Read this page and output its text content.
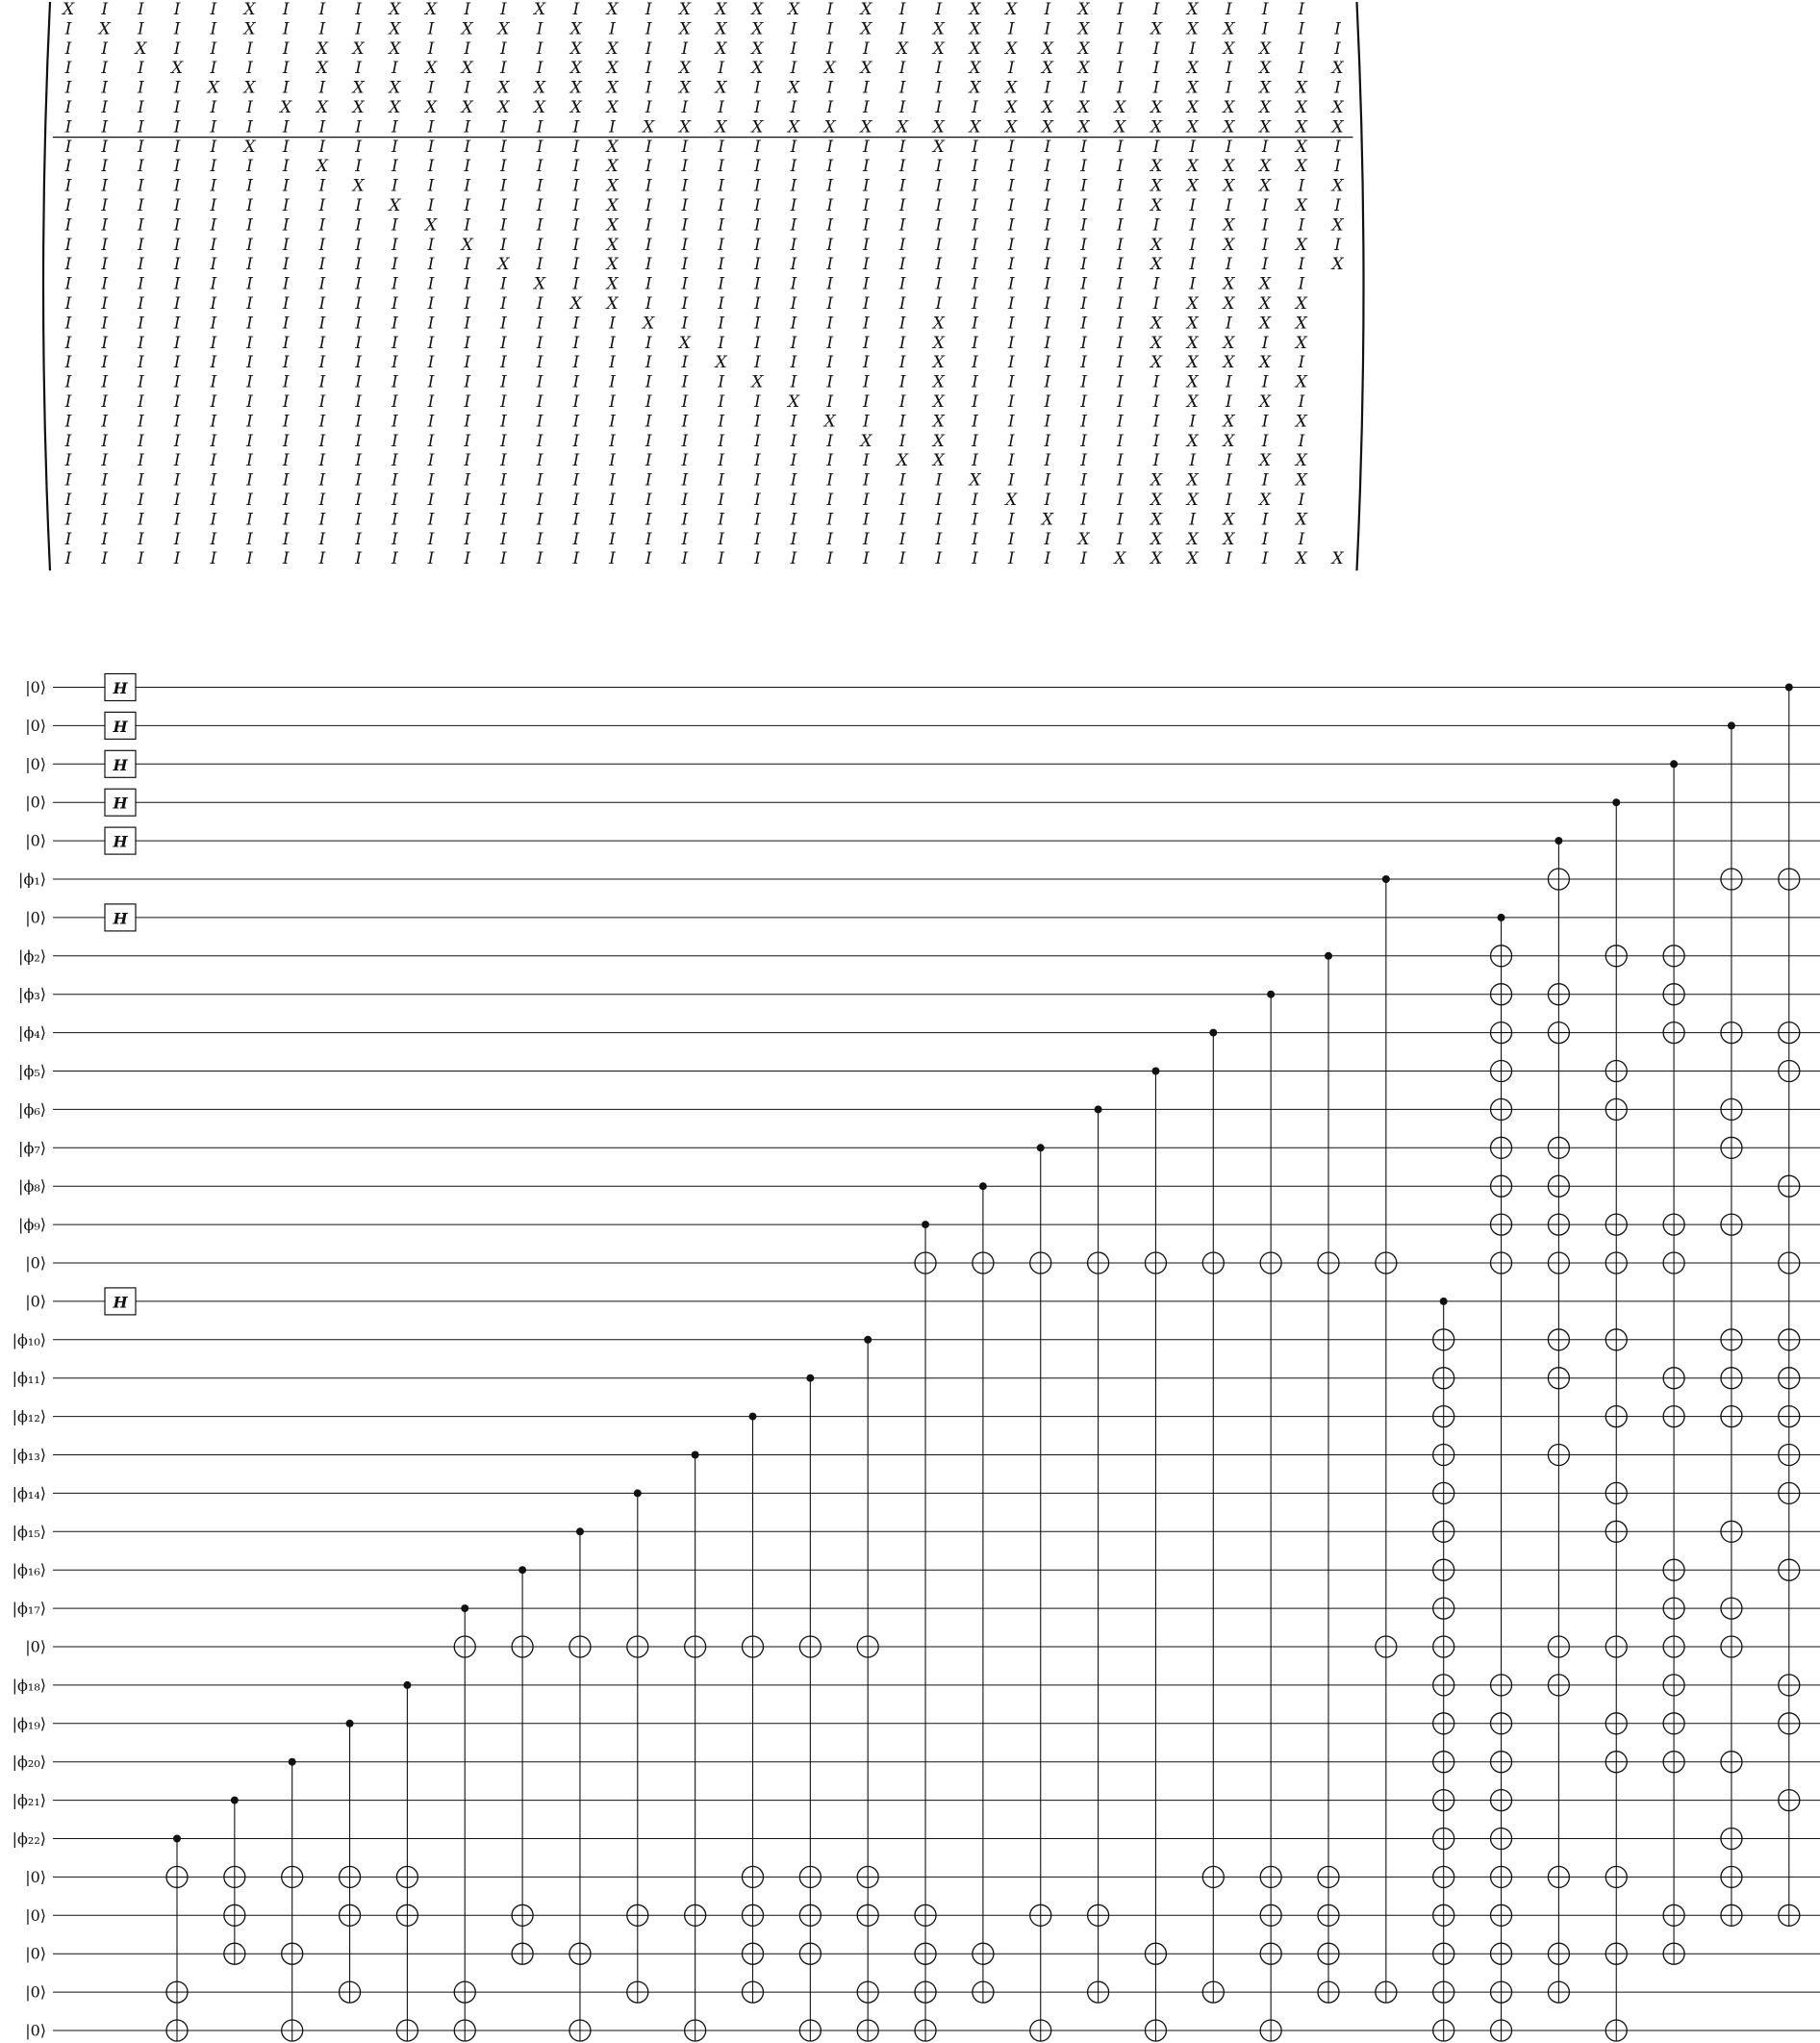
X I I I I X I I I X X I I X I X I X X X X I X I I X X I X I I X I I I
I X I I I X I I I X I X X I X I I X X X I I X I X X I I X I X X X I I I
I I X I I I I X X X I I I I X X I I X X I I I X X X X X X I I I X X I I
I I I X I I I X I I X X I I X X I X I X I X X I I X I X X I I X I X I X
I I I I X X I I X X I I X X X X I X X I X I I I I X X I I I I X I X X I
I I I I I I X X X X X X X X X X I I I I I I I I I I X X X X X X X X X X
I I I I I I I I I I I I I I I I X X X X X X X X X X X X X X X X X X X X
I I I I I X I I I I I I I I I X I I I I I I I I X I I I I I I I I I X I
I I I I I I I X I I I I I I I X I I I I I I I I I I I I I I X X X X X I
I I I I I I I I X I I I I I I X I I I I I I I I I I I I I I X X X X I X
I I I I I I I I I X I I I I I X I I I I I I I I I I I I I I X I I I X I
I I I I I I I I I I X I I I I X I I I I I I I I I I I I I I I I X I I X
I I I I I I I I I I I X I I I X I I I I I I I I I I I I I I X I X I X I
I I I I I I I I I I I I X I I X I I I I I I I I I I I I I I X I I I I X
I I I I I I I I I I I I I X I X I I I I I I I I I I I I I I I I X X I
I I I I I I I I I I I I I I X X I I I I I I I I I I I I I I I X X X X
I I I I I I I I I I I I I I I I X I I I I I I I X I I I I I X X I X X
I I I I I I I I I I I I I I I I I X I I I I I I X I I I I I X X X I X
I I I I I I I I I I I I I I I I I I X I I I I I X I I I I I X X X X I
I I I I I I I I I I I I I I I I I I I X I I I I X I I I I I I X I I X
I I I I I I I I I I I I I I I I I I I I X I I I X I I I I I I X I X I
I I I I I I I I I I I I I I I I I I I I I X I I X I I I I I I I X I X
I I I I I I I I I I I I I I I I I I I I I I X I X I I I I I I X X I I
I I I I I I I I I I I I I I I I I I I I I I I X X I I I I I I I I X X
I I I I I I I I I I I I I I I I I I I I I I I I I X I I I I X X I I X
I I I I I I I I I I I I I I I I I I I I I I I I I I X I I I X X I X I
I I I I I I I I I I I I I I I I I I I I I I I I I I I X I I X I X I X
I I I I I I I I I I I I I I I I I I I I I I I I I I I I X I X X X I I
I I I I I I I I I I I I I I I I I I I I I I I I I I I I I X X X I I X X
|0⟩
|0⟩
|0⟩
|0⟩
|0⟩
|ϕ₁⟩
|0⟩
|ϕ₂⟩
|ϕ₃⟩
|ϕ₄⟩
|ϕ₅⟩
|ϕ₆⟩
|ϕ₇⟩
|ϕ₈⟩
|ϕ₉⟩
|0⟩
|0⟩
|ϕ₁₀⟩
|ϕ₁₁⟩
|ϕ₁₂⟩
|ϕ₁₃⟩
|ϕ₁₄⟩
|ϕ₁₅⟩
|ϕ₁₆⟩
|ϕ₁₇⟩
|0⟩
|ϕ₁₈⟩
|ϕ₁₉⟩
|ϕ₂₀⟩
|ϕ₂₁⟩
|ϕ₂₂⟩
|0⟩
|0⟩
|0⟩
|0⟩
|0⟩
H
H
H
H
H
H
H
